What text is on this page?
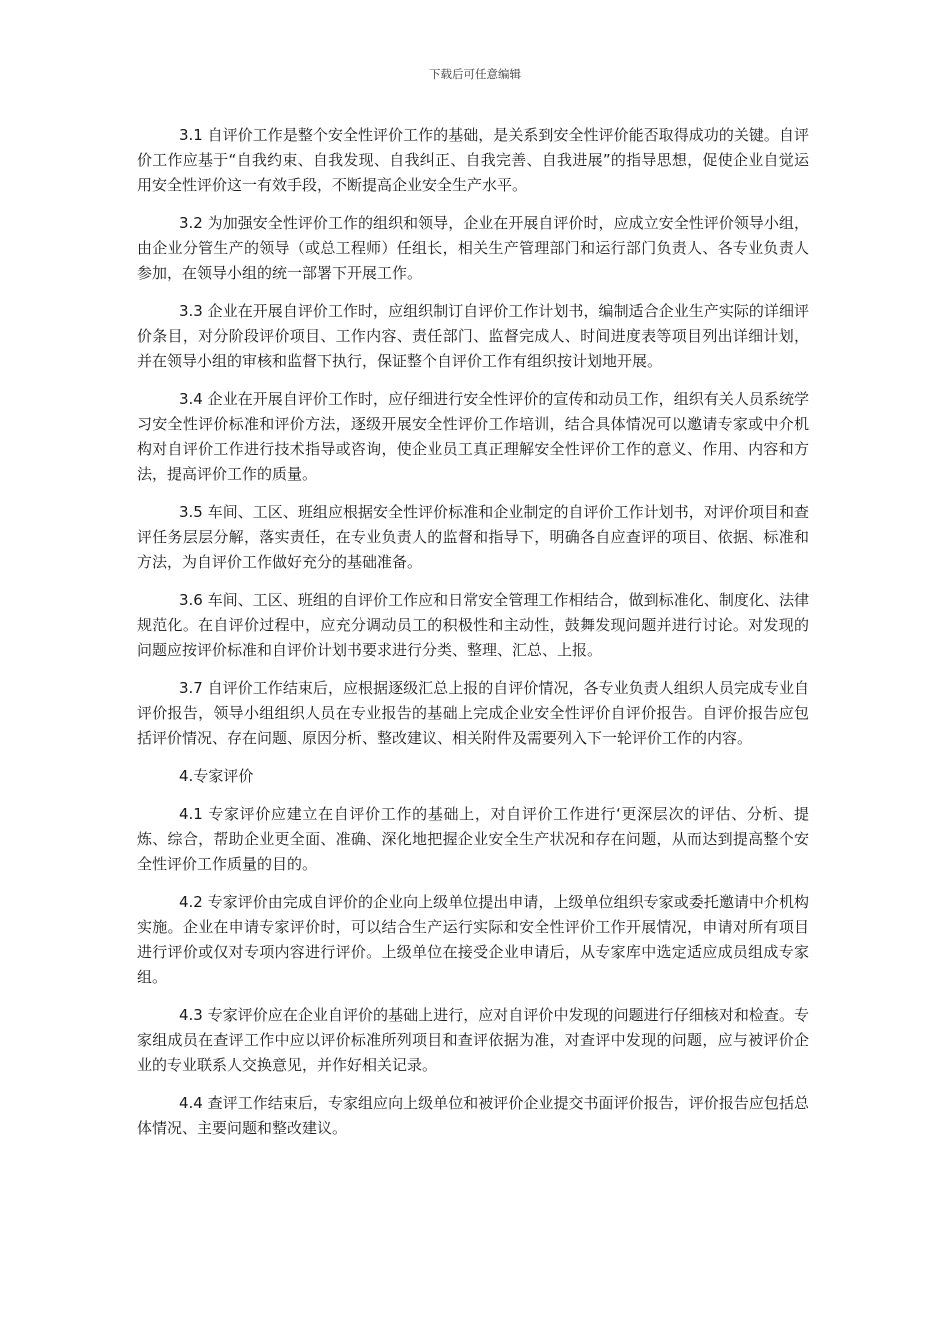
下载后可任意编辑

3.1 自评价工作是整个安全性评价工作的基础，是关系到安全性评价能否取得成功的关键。自评价工作应基于“自我约束、自我发现、自我纠正、自我完善、自我进展”的指导思想，促使企业自觉运用安全性评价这一有效手段，不断提高企业安全生产水平。

3.2 为加强安全性评价工作的组织和领导，企业在开展自评价时，应成立安全性评价领导小组，由企业分管生产的领导（或总工程师）任组长，相关生产管理部门和运行部门负责人、各专业负责人参加，在领导小组的统一部署下开展工作。

3.3 企业在开展自评价工作时，应组织制订自评价工作计划书，编制适合企业生产实际的详细评价条目，对分阶段评价项目、工作内容、责任部门、监督完成人、时间进度表等项目列出详细计划，并在领导小组的审核和监督下执行，保证整个自评价工作有组织按计划地开展。

3.4 企业在开展自评价工作时，应仔细进行安全性评价的宣传和动员工作，组织有关人员系统学习安全性评价标准和评价方法，逐级开展安全性评价工作培训，结合具体情况可以邀请专家或中介机构对自评价工作进行技术指导或咨询，使企业员工真正理解安全性评价工作的意义、作用、内容和方法，提高评价工作的质量。

3.5 车间、工区、班组应根据安全性评价标准和企业制定的自评价工作计划书，对评价项目和查评任务层层分解，落实责任，在专业负责人的监督和指导下，明确各自应查评的项目、依据、标准和方法，为自评价工作做好充分的基础准备。

3.6 车间、工区、班组的自评价工作应和日常安全管理工作相结合，做到标准化、制度化、法律规范化。在自评价过程中，应充分调动员工的积极性和主动性，鼓舞发现问题并进行讨论。对发现的问题应按评价标准和自评价计划书要求进行分类、整理、汇总、上报。

3.7 自评价工作结束后，应根据逐级汇总上报的自评价情况，各专业负责人组织人员完成专业自评价报告，领导小组组织人员在专业报告的基础上完成企业安全性评价自评价报告。自评价报告应包括评价情况、存在问题、原因分析、整改建议、相关附件及需要列入下一轮评价工作的内容。

4.专家评价

4.1 专家评价应建立在自评价工作的基础上，对自评价工作进行‘更深层次的评估、分析、提炼、综合，帮助企业更全面、准确、深化地把握企业安全生产状况和存在问题，从而达到提高整个安全性评价工作质量的目的。

4.2 专家评价由完成自评价的企业向上级单位提出申请，上级单位组织专家或委托邀请中介机构实施。企业在申请专家评价时，可以结合生产运行实际和安全性评价工作开展情况，申请对所有项目进行评价或仅对专项内容进行评价。上级单位在接受企业申请后，从专家库中选定适应成员组成专家组。

4.3 专家评价应在企业自评价的基础上进行，应对自评价中发现的问题进行仔细核对和检查。专家组成员在查评工作中应以评价标准所列项目和查评依据为准，对查评中发现的问题，应与被评价企业的专业联系人交换意见，并作好相关记录。

4.4 查评工作结束后，专家组应向上级单位和被评价企业提交书面评价报告，评价报告应包括总体情况、主要问题和整改建议。
